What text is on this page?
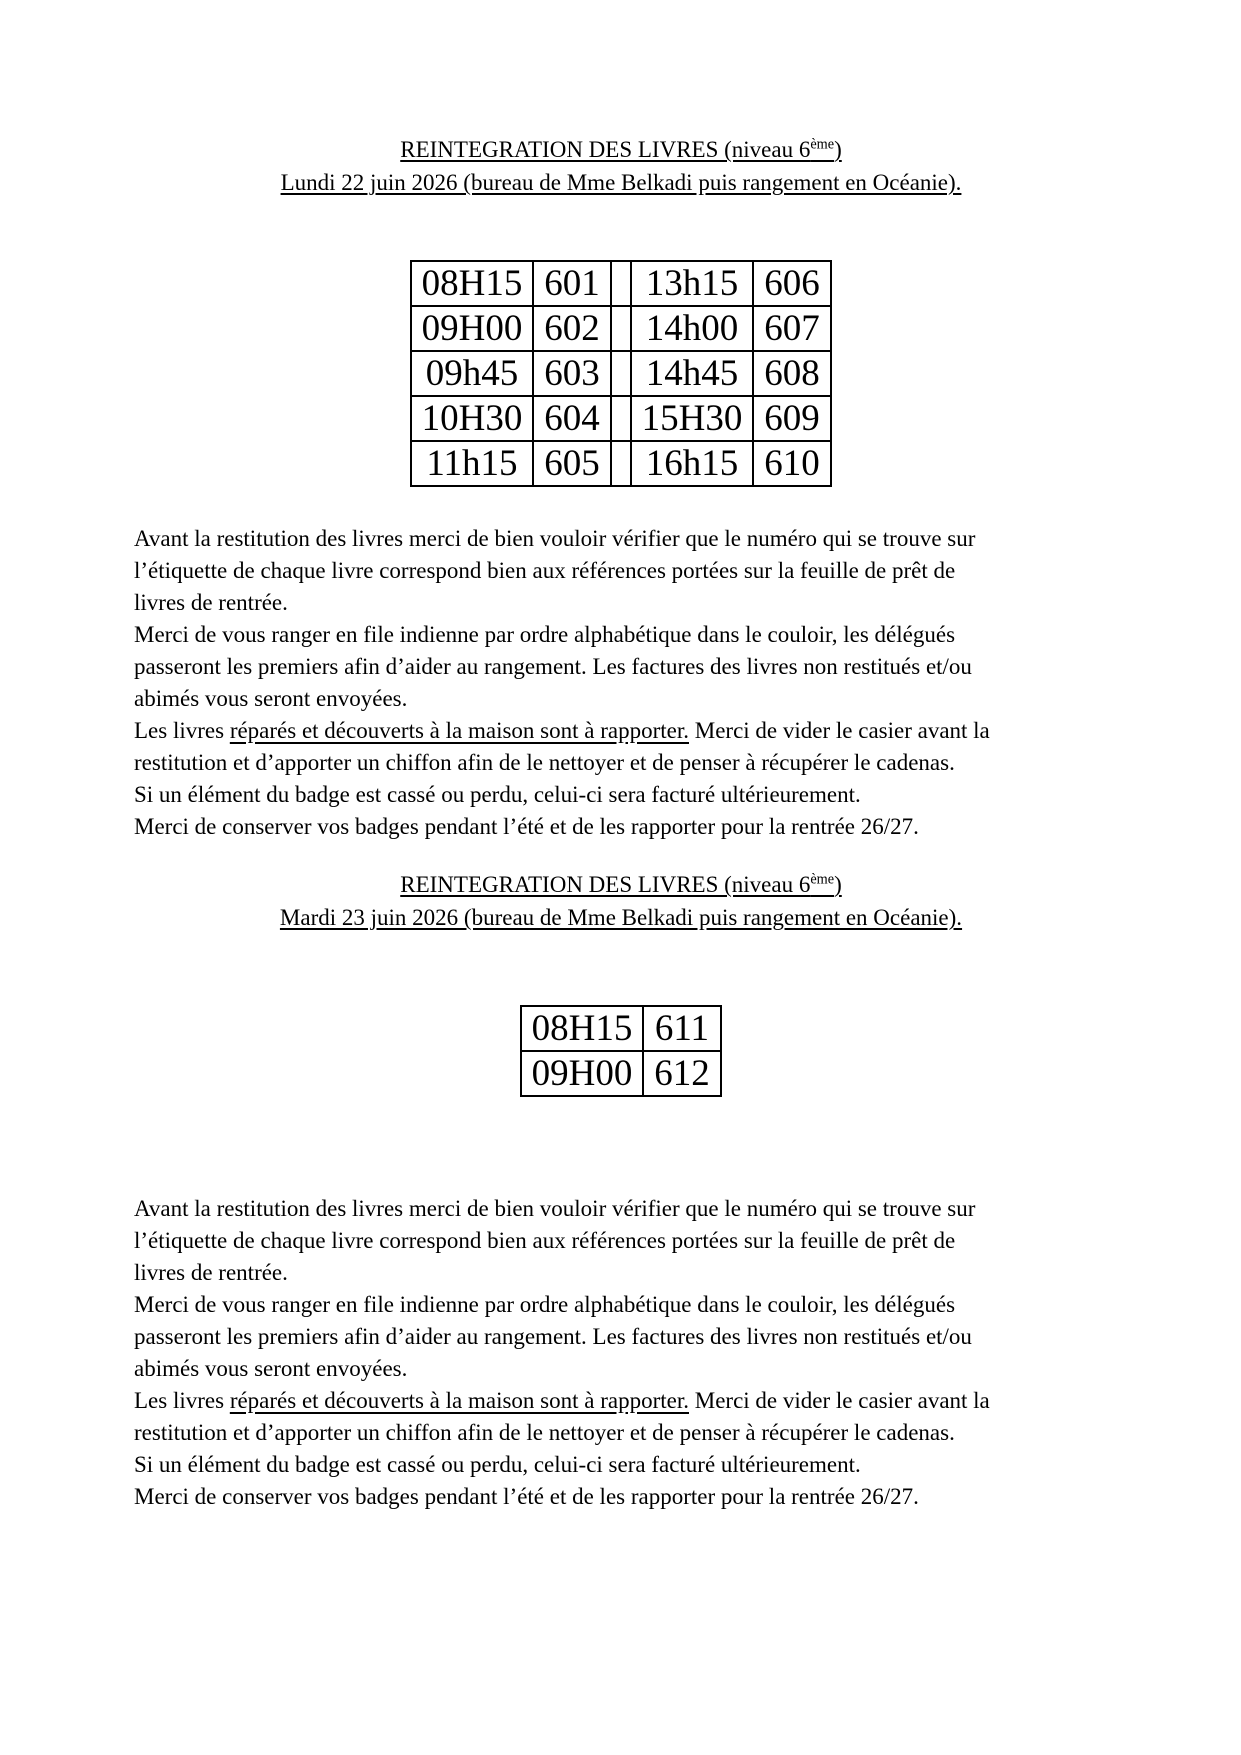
REINTEGRATION DES LIVRES (niveau 6ème)
Lundi 22 juin 2026 (bureau de Mme Belkadi puis rangement en Océanie).
08H15	601		13h15	606
09H00	602		14h00	607
09h45	603		14h45	608
10H30	604		15H30	609
11h15	605		16h15	610

Avant la restitution des livres merci de bien vouloir vérifier que le numéro qui se trouve sur
l’étiquette de chaque livre correspond bien aux références portées sur la feuille de prêt de
livres de rentrée.
Merci de vous ranger en file indienne par ordre alphabétique dans le couloir, les délégués
passeront les premiers afin d’aider au rangement. Les factures des livres non restitués et/ou
abimés vous seront envoyées.
Les livres réparés et découverts à la maison sont à rapporter. Merci de vider le casier avant la
restitution et d’apporter un chiffon afin de le nettoyer et de penser à récupérer le cadenas.
Si un élément du badge est cassé ou perdu, celui-ci sera facturé ultérieurement.
Merci de conserver vos badges pendant l’été et de les rapporter pour la rentrée 26/27.

REINTEGRATION DES LIVRES (niveau 6ème)
Mardi 23 juin 2026 (bureau de Mme Belkadi puis rangement en Océanie).
08H15	611
09H00	612

Avant la restitution des livres merci de bien vouloir vérifier que le numéro qui se trouve sur
l’étiquette de chaque livre correspond bien aux références portées sur la feuille de prêt de
livres de rentrée.
Merci de vous ranger en file indienne par ordre alphabétique dans le couloir, les délégués
passeront les premiers afin d’aider au rangement. Les factures des livres non restitués et/ou
abimés vous seront envoyées.
Les livres réparés et découverts à la maison sont à rapporter. Merci de vider le casier avant la
restitution et d’apporter un chiffon afin de le nettoyer et de penser à récupérer le cadenas.
Si un élément du badge est cassé ou perdu, celui-ci sera facturé ultérieurement.
Merci de conserver vos badges pendant l’été et de les rapporter pour la rentrée 26/27.
